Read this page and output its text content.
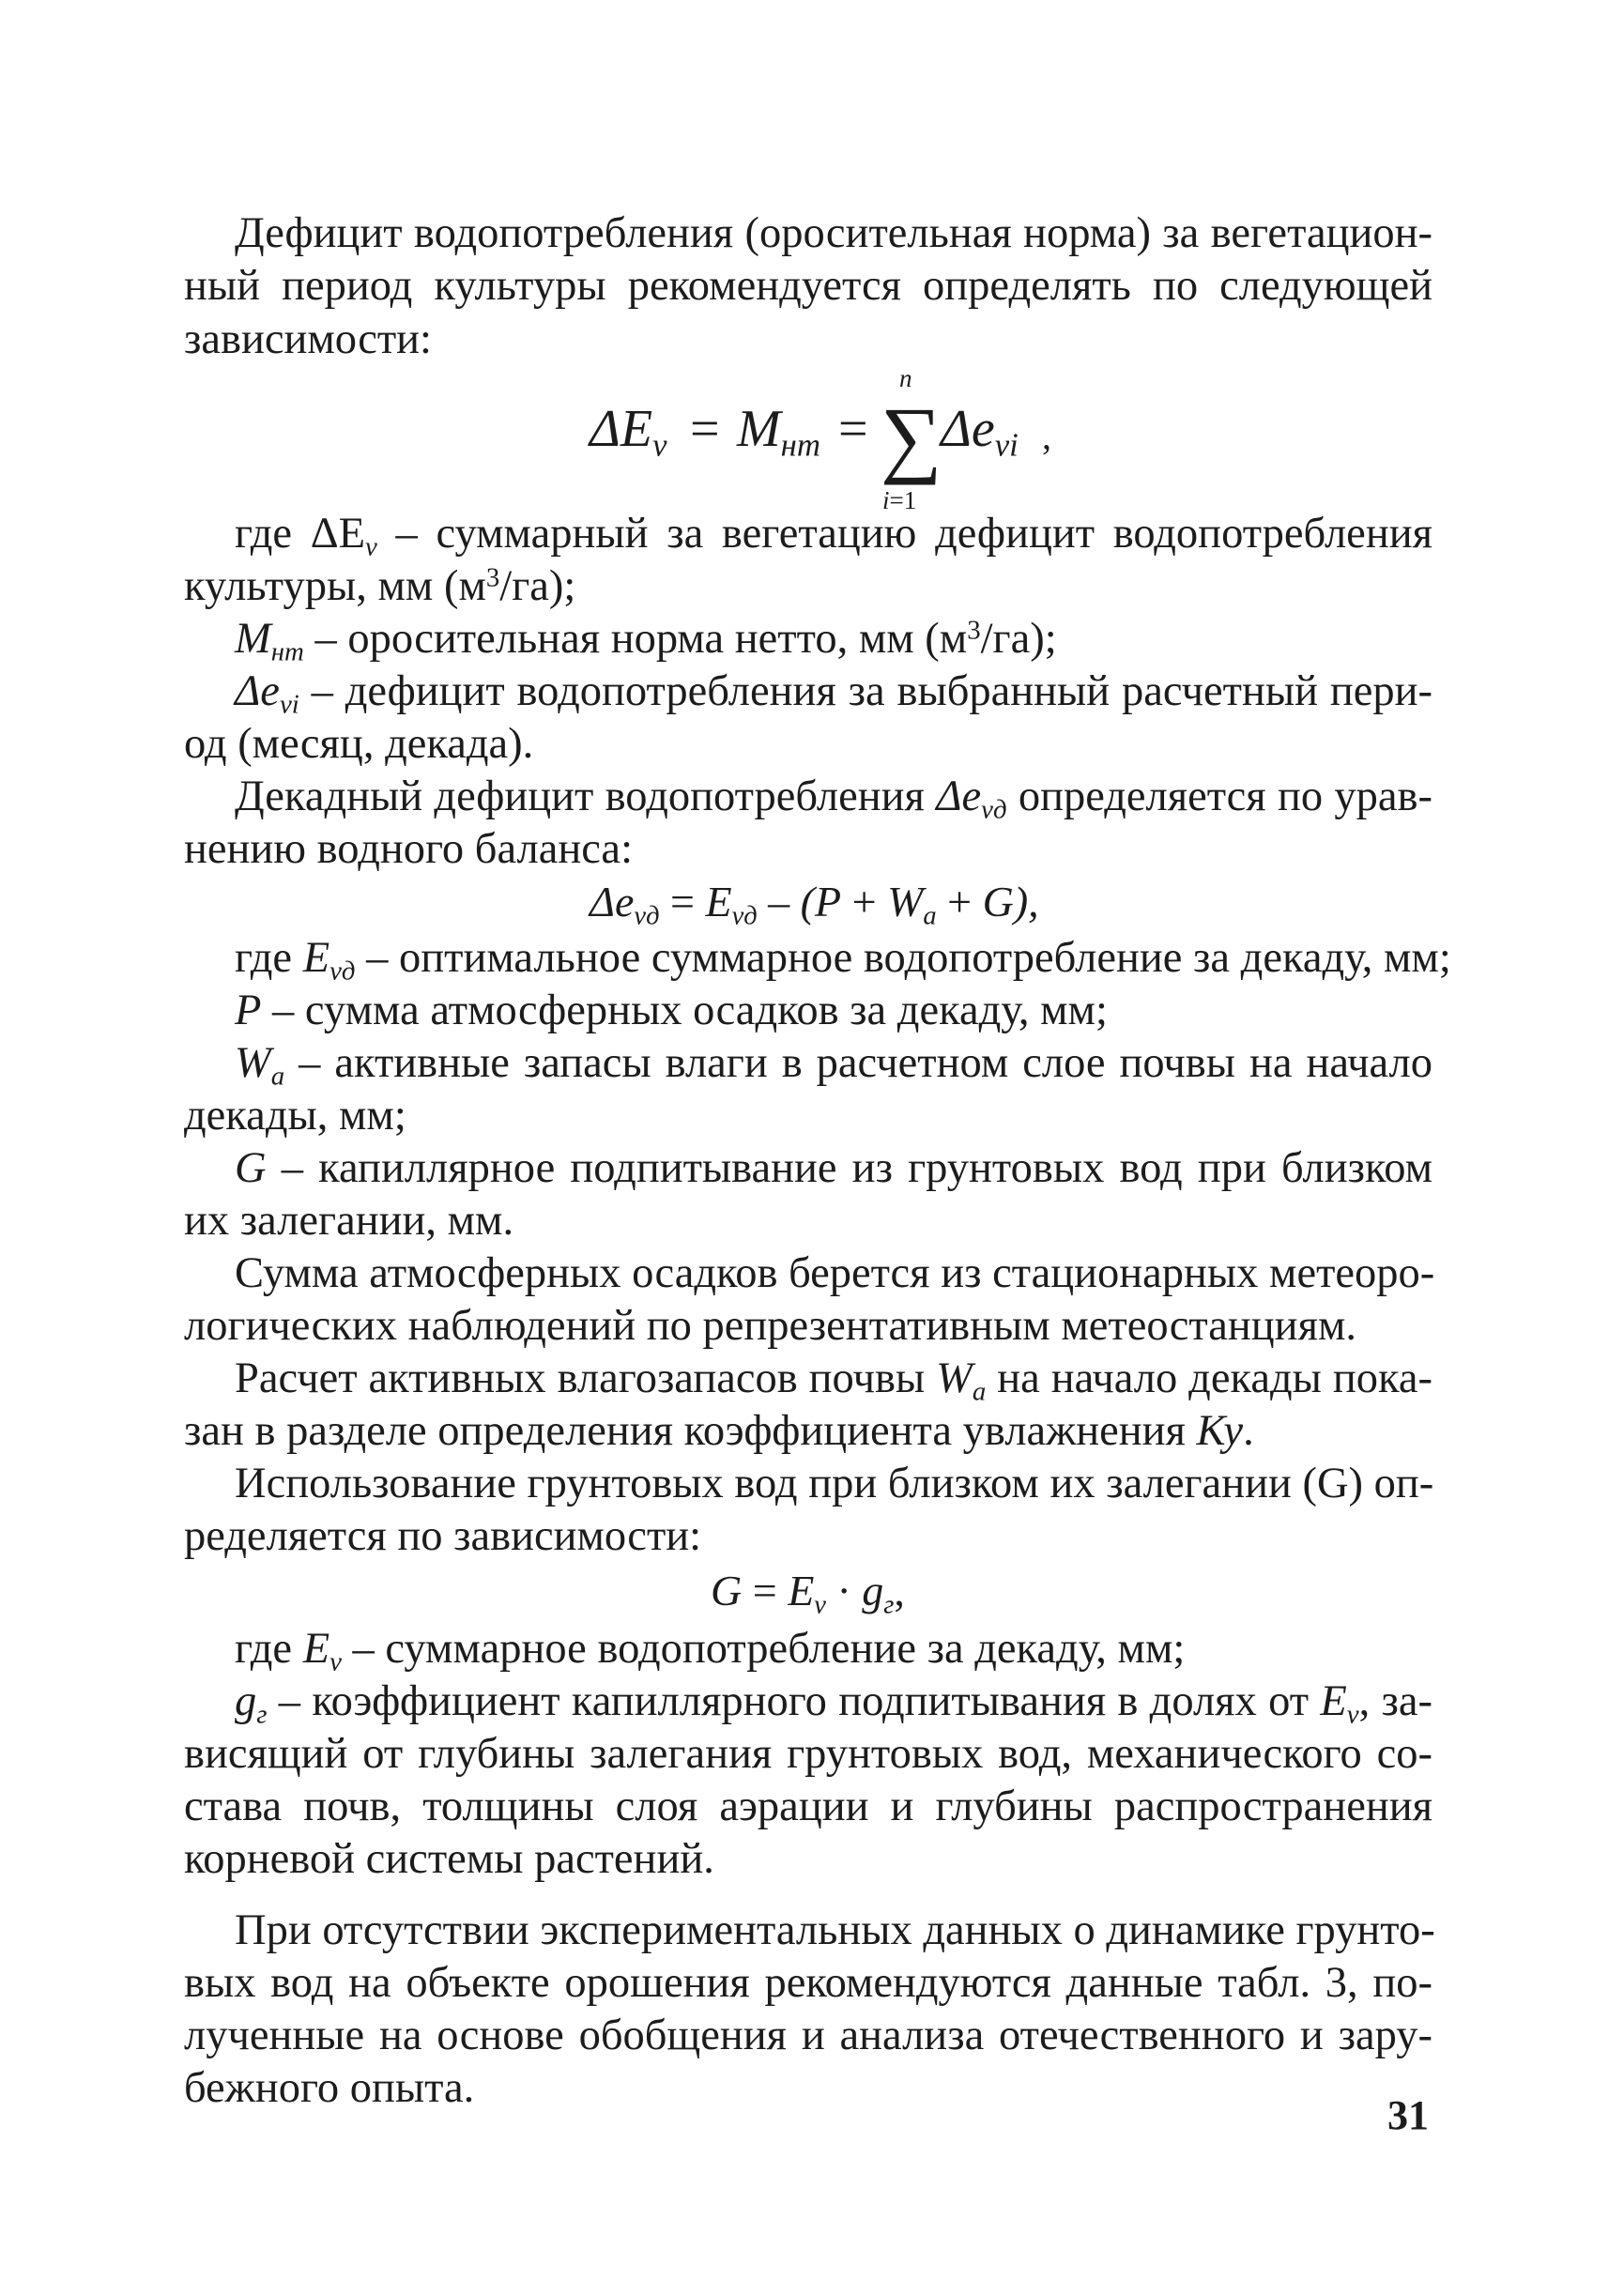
Дефицит водопотребления (оросительная норма) за вегетацион-

ный период культуры рекомендуется определять по следующей

зависимости:

$\Delta E_v = M_{нт}$ =
n
∑
i=1
$\Delta e_{vi}$ ,

где $\Delta E_v$ – суммарный за вегетацию дефицит водопотребления

культуры, мм $(м^3/га)$;

$M_{нт}$ – оросительная норма нетто, мм $(м^3/га)$;

$\Delta e_{vi}$ – дефицит водопотребления за выбранный расчетный пери-

од (месяц, декада).

Декадный дефицит водопотребления $\Delta e_{vд}$ определяется по урав-

нению водного баланса:

$\Delta e_{vд} = E_{vд} - (P + W_a + G)$,

где $E_{vд}$ – оптимальное суммарное водопотребление за декаду, мм;

P – сумма атмосферных осадков за декаду, мм;

$W_a$ – активные запасы влаги в расчетном слое почвы на начало

декады, мм;

G – капиллярное подпитывание из грунтовых вод при близком

их залегании, мм.

Сумма атмосферных осадков берется из стационарных метеоро-

логических наблюдений по репрезентативным метеостанциям.

Расчет активных влагозапасов почвы $W_a$ на начало декады пока-

зан в разделе определения коэффициента увлажнения Ку.

Использование грунтовых вод при близком их залегании (G) оп-

ределяется по зависимости:

$G = E_v \cdot g_г$,

где $E_v$ – суммарное водопотребление за декаду, мм;

$g_г$ – коэффициент капиллярного подпитывания в долях от $E_v$, за-

висящий от глубины залегания грунтовых вод, механического со-

става почв, толщины слоя аэрации и глубины распространения

корневой системы растений.

При отсутствии экспериментальных данных о динамике грунто-

вых вод на объекте орошения рекомендуются данные табл. 3, по-

лученные на основе обобщения и анализа отечественного и зару-

бежного опыта.

31
